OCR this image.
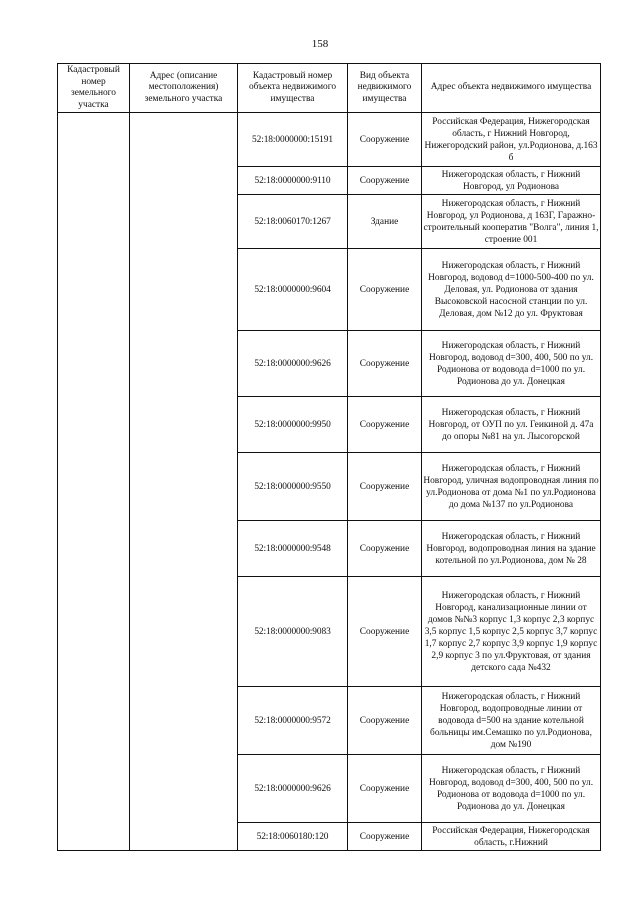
158
Кадастровый номер земельного участка	Адрес (описание местоположения) земельного участка	Кадастровый номер объекта недвижимого имущества	Вид объекта недвижимого имущества	Адрес объекта недвижимого имущества
		52:18:0000000:15191	Сооружение	Российская Федерация, Нижегородская область, г Нижний Новгород, Нижегородский район, ул.Родионова, д.163 б
		52:18:0000000:9110	Сооружение	Нижегородская область, г Нижний Новгород, ул Родионова
		52:18:0060170:1267	Здание	Нижегородская область, г Нижний Новгород, ул Родионова, д 163Г, Гаражно-строительный кооператив "Волга", линия 1, строение 001
		52:18:0000000:9604	Сооружение	Нижегородская область, г Нижний Новгород, водовод d=1000-500-400 по ул. Деловая, ул. Родионова от здания Высоковской насосной станции по ул. Деловая, дом №12 до ул. Фруктовая
		52:18:0000000:9626	Сооружение	Нижегородская область, г Нижний Новгород, водовод d=300, 400, 500 по ул. Родионова от водовода d=1000 по ул. Родионова до ул. Донецкая
		52:18:0000000:9950	Сооружение	Нижегородская область, г Нижний Новгород, от ОУП по ул. Геикиной д. 47а до опоры №81 на ул. Лысогорской
		52:18:0000000:9550	Сооружение	Нижегородская область, г Нижний Новгород, уличная водопроводная линия по ул.Родионова от дома №1 по ул.Родионова до дома №137 по ул.Родионова
		52:18:0000000:9548	Сооружение	Нижегородская область, г Нижний Новгород, водопроводная линия на здание котельной по ул.Родионова, дом № 28
		52:18:0000000:9083	Сооружение	Нижегородская область, г Нижний Новгород, канализационные линии от домов №№3 корпус 1,3 корпус 2,3 корпус 3,5 корпус 1,5 корпус 2,5 корпус 3,7 корпус 1,7 корпус 2,7 корпус 3,9 корпус 1,9 корпус 2,9 корпус 3 по ул.Фруктовая, от здания детского сада №432
		52:18:0000000:9572	Сооружение	Нижегородская область, г Нижний Новгород, водопроводные линии от водовода d=500 на здание котельной больницы им.Семашко по ул.Родионова, дом №190
		52:18:0000000:9626	Сооружение	Нижегородская область, г Нижний Новгород, водовод d=300, 400, 500 по ул. Родионова от водовода d=1000 по ул. Родионова до ул. Донецкая
		52:18:0060180:120	Сооружение	Российская Федерация, Нижегородская область, г.Нижний
